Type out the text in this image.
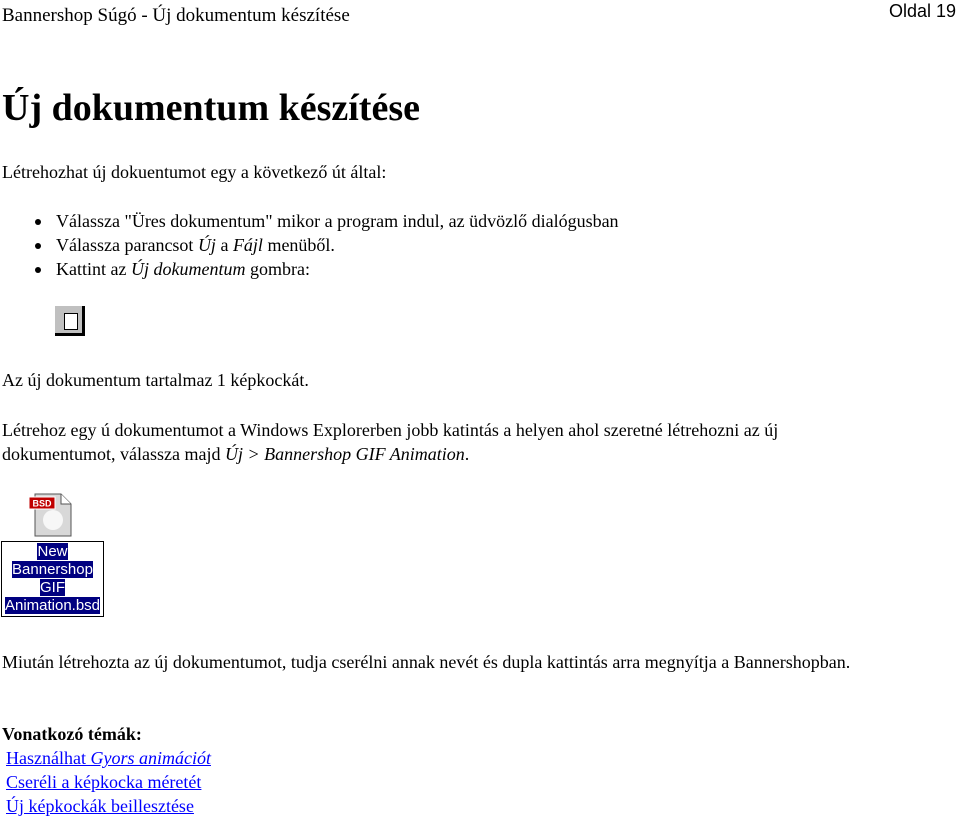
Bannershop Súgó - Új dokumentum készítése	Oldal 19
Új dokumentum készítése

Létrehozhat új dokuentumot egy a következő út által:

Válassza "Üres dokumentum" mikor a program indul, az üdvözlő dialógusban
Válassza parancsot Új a Fájl menüből.
Kattint az Új dokumentum gombra:

Az új dokumentum tartalmaz 1 képkockát.

Létrehoz egy ú dokumentumot a Windows Explorerben jobb katintás a helyen ahol szeretné létrehozni az új dokumentumot, válassza majd Új > Bannershop GIF Animation.

BSD
New
Bannershop
GIF
Animation.bsd

Miután létrehozta az új dokumentumot, tudja cserélni annak nevét és dupla kattintás arra megnyítja a Bannershopban.

Vonatkozó témák:

Használhat Gyors animációt
Cseréli a képkocka méretét
Új képkockák beillesztése
